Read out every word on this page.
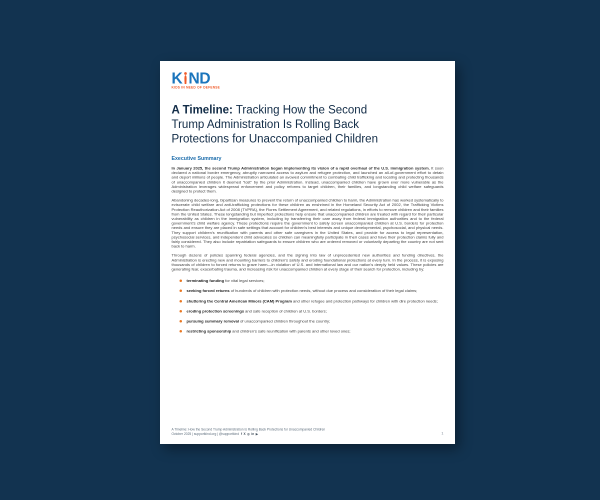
K ND
KIDS IN NEED OF DEFENSE
A Timeline: Tracking How the Second Trump Administration Is Rolling Back Protections for Unaccompanied Children
Executive Summary

In January 2025, the second Trump Administration began implementing its vision of a rapid overhaul of the U.S. immigration system. It soon declared a national border emergency, abruptly narrowed access to asylum and refugee protection, and launched an all-of-government effort to detain and deport millions of people. The Administration articulated an avowed commitment to combating child trafficking and locating and protecting thousands of unaccompanied children it deemed “lost” by the prior Administration. Instead, unaccompanied children have grown ever more vulnerable as the Administration leverages widespread enforcement and policy reforms to target children, their families, and longstanding child welfare safeguards designed to protect them.

Abandoning decades-long, bipartisan measures to prevent the return of unaccompanied children to harm, the Administration has worked systematically to eviscerate child welfare and anti-trafficking protections for these children as enshrined in the Homeland Security Act of 2002, the Trafficking Victims Protection Reauthorization Act of 2008 (TVPRA), the Flores Settlement Agreement, and related regulations, in efforts to remove children and their families from the United States. These longstanding but imperfect protections help ensure that unaccompanied children are treated with regard for their particular vulnerability as children in the immigration system, including by transferring their care away from federal immigration authorities and to the federal government’s child welfare agency. These protections require the government to safely screen unaccompanied children at U.S. borders for protection needs and ensure they are placed in safe settings that account for children’s best interests and unique developmental, psychosocial, and physical needs. They support children’s reunification with parents and other safe caregivers in the United States, and provide for access to legal representation, psychosocial services, and independent child advocates so children can meaningfully participate in their cases and have their protection claims fully and fairly considered. They also include repatriation safeguards to ensure children who are ordered removed or voluntarily departing the country are not sent back to harm.

Through dozens of policies spanning federal agencies, and the signing into law of unprecedented new authorities and funding directives, the Administration is erecting new and mounting barriers to children’s safety and eroding foundational protections at every turn. In the process, it is exposing thousands of children to forced returns to grave harm—in violation of U.S. and international law and our nation’s deeply held values. These policies are generating fear, exacerbating trauma, and increasing risk for unaccompanied children at every stage of their search for protection, including by:

terminating funding for vital legal services;
seeking forced returns of hundreds of children with protection needs, without due process and consideration of their legal claims;
shuttering the Central American Minors (CAM) Program and other refugee and protection pathways for children with dire protection needs;
eroding protection screenings and safe reception of children at U.S. borders;
pursuing summary removal of unaccompanied children throughout the country;
restricting sponsorship and children’s safe reunification with parents and other loved ones;
A Timeline: How the Second Trump Administration Is Rolling Back Protections for Unaccompanied Children
October 2025 | supportkind.org | @supportkind f X ◎ in ▶	1
